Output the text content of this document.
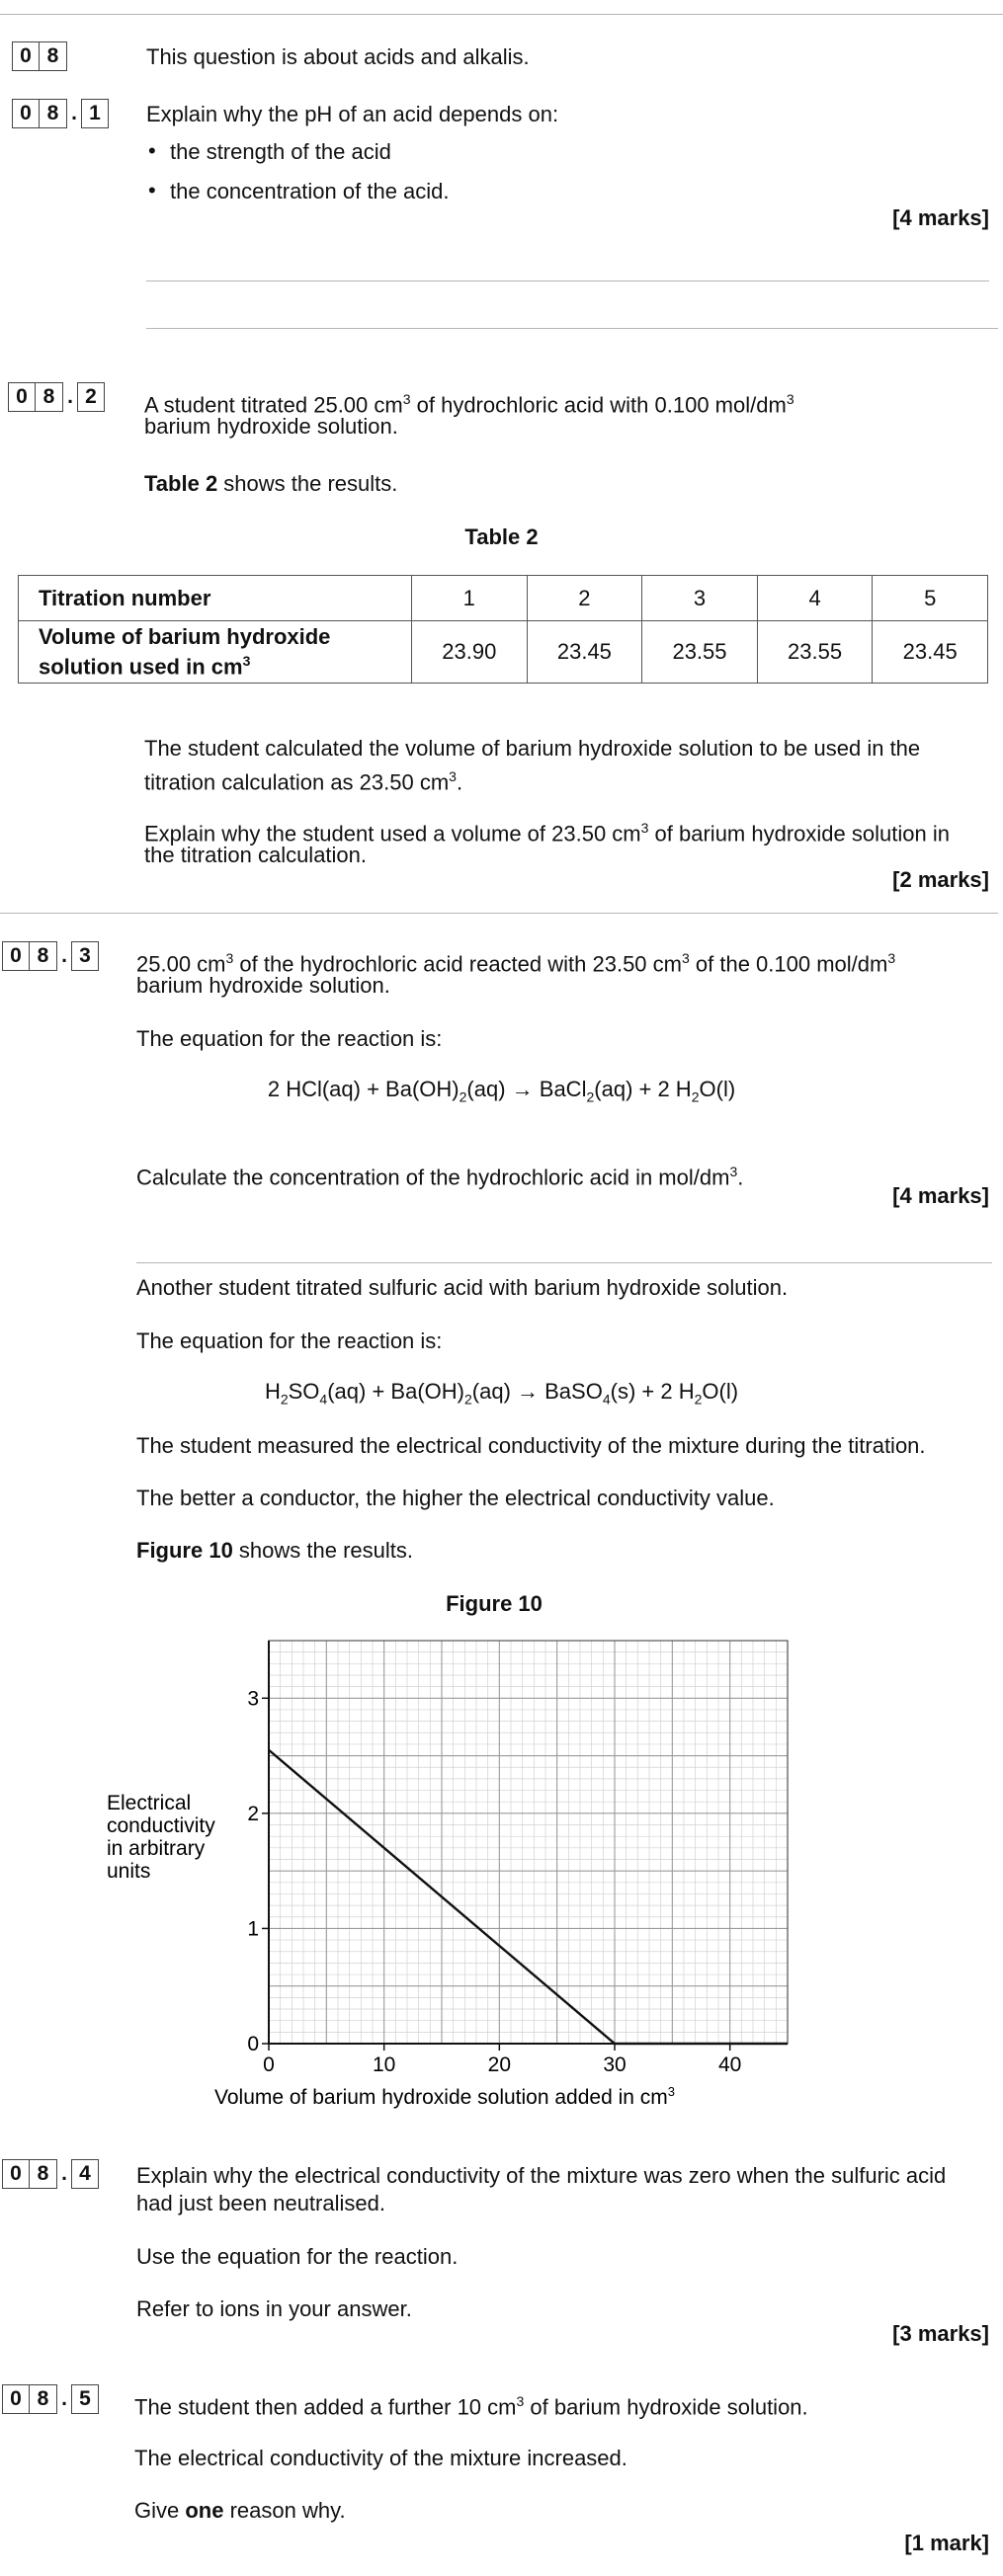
0 8	This question is about acids and alkalis.
0 8 . 1	Explain why the pH of an acid depends on:
• the strength of the acid
• the concentration of the acid.
[4 marks]
0 8 . 2	A student titrated 25.00 $cm^3$ of hydrochloric acid with 0.100 mol/$dm^3$
barium hydroxide solution.
Table 2 shows the results.
Table 2
Titration number	1	2	3	4	5
Volume of barium hydroxide
solution used in $cm^3$	23.90	23.45	23.55	23.55	23.45
The student calculated the volume of barium hydroxide solution to be used in the
titration calculation as 23.50 $cm^3$.
Explain why the student used a volume of 23.50 $cm^3$ of barium hydroxide solution in
the titration calculation.
[2 marks]
0 8 . 3	25.00 $cm^3$ of the hydrochloric acid reacted with 23.50 $cm^3$ of the 0.100 mol/$dm^3$
barium hydroxide solution.
The equation for the reaction is:
2 $HCl(aq) + Ba(OH)_2(aq)$ → BaCl$_2$(aq) + 2 $H_2O(l)$
Calculate the concentration of the hydrochloric acid in mol/$dm^3$.
[4 marks]
Another student titrated sulfuric acid with barium hydroxide solution.
The equation for the reaction is:
$H_2SO_4(aq) + Ba(OH)_2(aq)$ → BaSO$_4$(s) + 2 $H_2O(l)$
The student measured the electrical conductivity of the mixture during the titration.
The better a conductor, the higher the electrical conductivity value.
Figure 10 shows the results.
Figure 10
0	10	20	30	40
0
1
2
3
Electrical
conductivity
in arbitrary
units
Volume of barium hydroxide solution added in $cm^3$
0 8 . 4	Explain why the electrical conductivity of the mixture was zero when the sulfuric acid
had just been neutralised.
Use the equation for the reaction.
Refer to ions in your answer.
[3 marks]
0 8 . 5	The student then added a further 10 $cm^3$ of barium hydroxide solution.
The electrical conductivity of the mixture increased.
Give one reason why.
[1 mark]
